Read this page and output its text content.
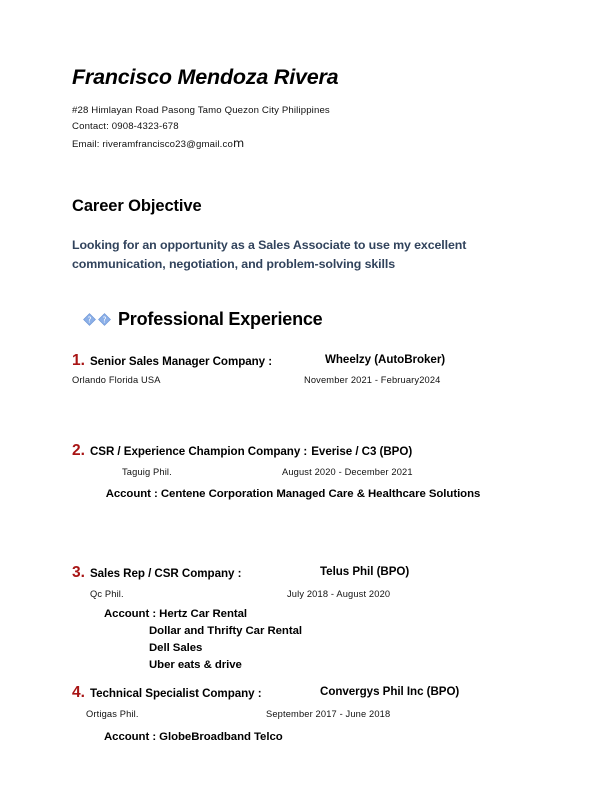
Francisco Mendoza Rivera
#28 Himlayan Road Pasong Tamo Quezon City Philippines
Contact: 0908-4323-678
Email: riveramfrancisco23@gmail.com
Career Objective

Looking for an opportunity as a Sales Associate to use my excellent communication, negotiation, and problem-solving skills

? ? Professional Experience
1. Senior Sales Manager Company :	Wheelzy (AutoBroker)
Orlando Florida USA	November 2021 - February2024
2. CSR / Experience Champion Company : Everise / C3 (BPO)
Taguig Phil.	August 2020 - December 2021
Account : Centene Corporation Managed Care & Healthcare Solutions
3. Sales Rep / CSR Company :	Telus Phil (BPO)
Qc Phil.	July 2018 - August 2020
Account : Hertz Car Rental
Dollar and Thrifty Car Rental
Dell Sales
Uber eats & drive
4. Technical Specialist Company :	Convergys Phil Inc (BPO)
Ortigas Phil.	September 2017 - June 2018
Account : GlobeBroadband Telco
